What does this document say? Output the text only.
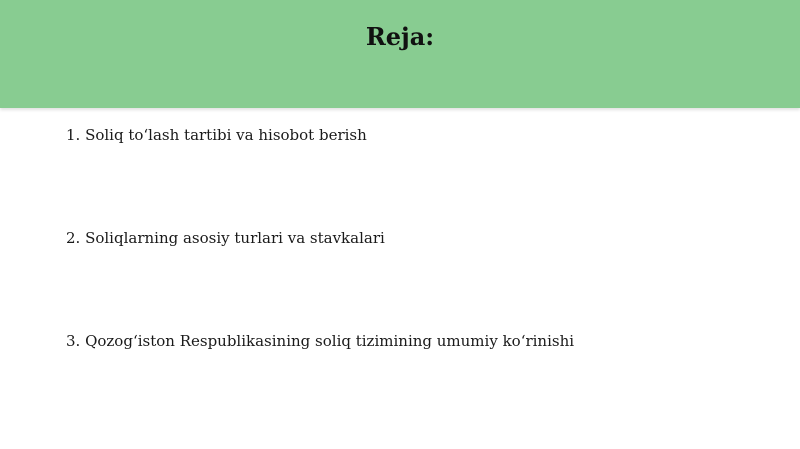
Reja:
1. Soliq to‘lash tartibi va hisobot berish
2. Soliqlarning asosiy turlari va stavkalari
3. Qozog‘iston Respublikasining soliq tizimining umumiy ko‘rinishi
